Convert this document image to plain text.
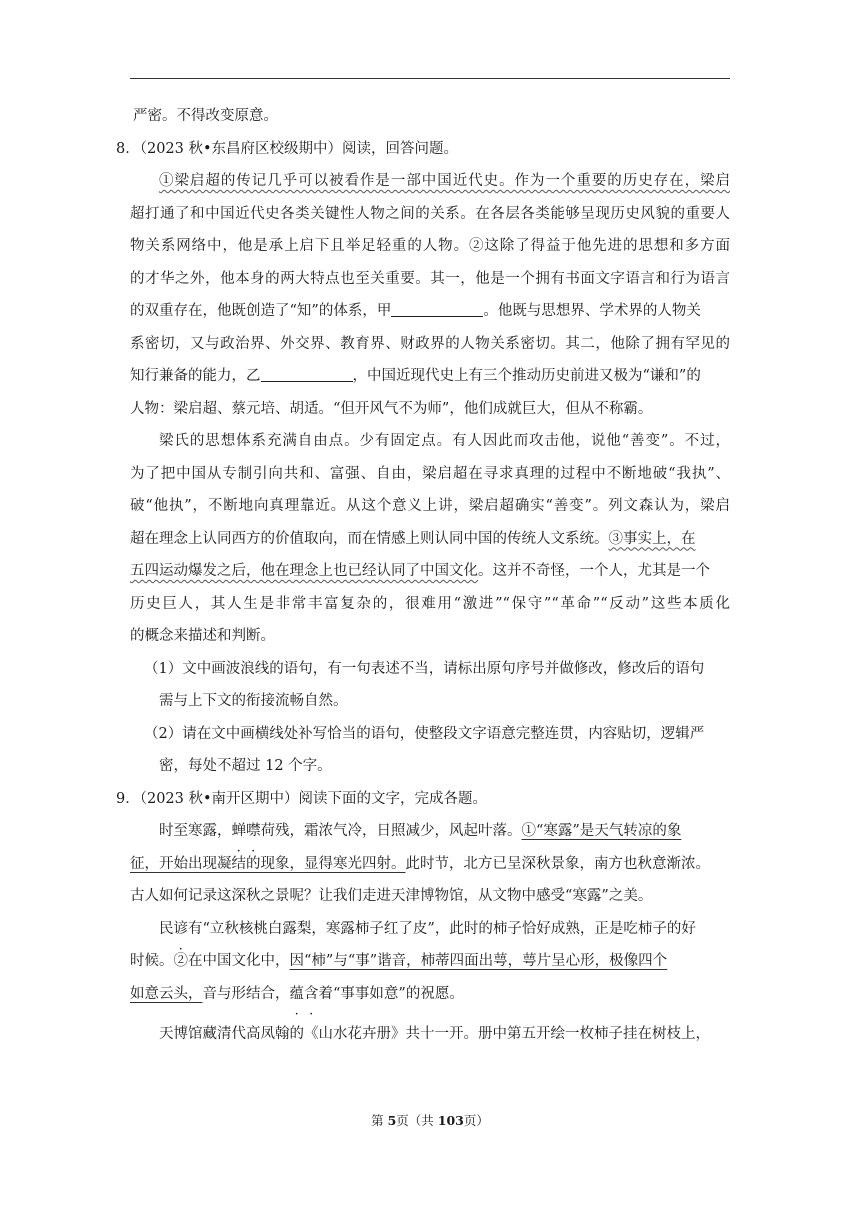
严密。不得改变原意。
8．（2023 秋•东昌府区校级期中）阅读，回答问题。
①梁启超的传记几乎可以被看作是一部中国近代史。作为一个重要的历史存在，梁启
超打通了和中国近代史各类关键性人物之间的关系。在各层各类能够呈现历史风貌的重要人
物关系网络中，他是承上启下且举足轻重的人物。②这除了得益于他先进的思想和多方面
的才华之外，他本身的两大特点也至关重要。其一，他是一个拥有书面文字语言和行为语言
的双重存在，他既创造了“知”的体系，甲	。他既与思想界、学术界的人物关
系密切，又与政治界、外交界、教育界、财政界的人物关系密切。其二，他除了拥有罕见的
知行兼备的能力，乙	，中国近现代史上有三个推动历史前进又极为“谦和”的
人物：梁启超、蔡元培、胡适。“但开风气不为师”，他们成就巨大，但从不称霸。
梁氏的思想体系充满自由点。少有固定点。有人因此而攻击他，说他“善变”。不过，
为了把中国从专制引向共和、富强、自由，梁启超在寻求真理的过程中不断地破“我执”、
破“他执”，不断地向真理靠近。从这个意义上讲，梁启超确实“善变”。列文森认为，梁启
超在理念上认同西方的价值取向，而在情感上则认同中国的传统人文系统。③事实上，在
五四运动爆发之后，他在理念上也已经认同了中国文化。这并不奇怪，一个人，尤其是一个
历史巨人，其人生是非常丰富复杂的，很难用“激进”“保守”“革命”“反动”这些本质化
的概念来描述和判断。
（1）文中画波浪线的语句，有一句表述不当，请标出原句序号并做修改，修改后的语句
需与上下文的衔接流畅自然。
（2）请在文中画横线处补写恰当的语句，使整段文字语意完整连贯，内容贴切，逻辑严
密，每处不超过 12 个字。
9．（2023 秋•南开区期中）阅读下面的文字，完成各题。
时至寒露，蝉噤荷残，霜浓气冷，日照减少，风起叶落。①“寒露”是天气转凉的象
征，开始出现凝结的现象，显得寒光四射。此时节，北方已呈深秋景象，南方也秋意渐浓。
古人如何记录这深秋之景呢？让我们走进天津博物馆，从文物中感受“寒露”之美。
民谚有“立秋核桃白露梨，寒露柿子红了皮”，此时的柿子恰好成熟，正是吃柿子的好
时候。②在中国文化中，因“柿”与“事”谐音，柿蒂四面出萼，萼片呈心形，极像四个
如意云头，音与形结合，蕴含着“事事如意”的祝愿。
天博馆藏清代高凤翰的《山水花卉册》共十一开。册中第五开绘一枚柿子挂在树枝上，
第 5页（共 103页）
